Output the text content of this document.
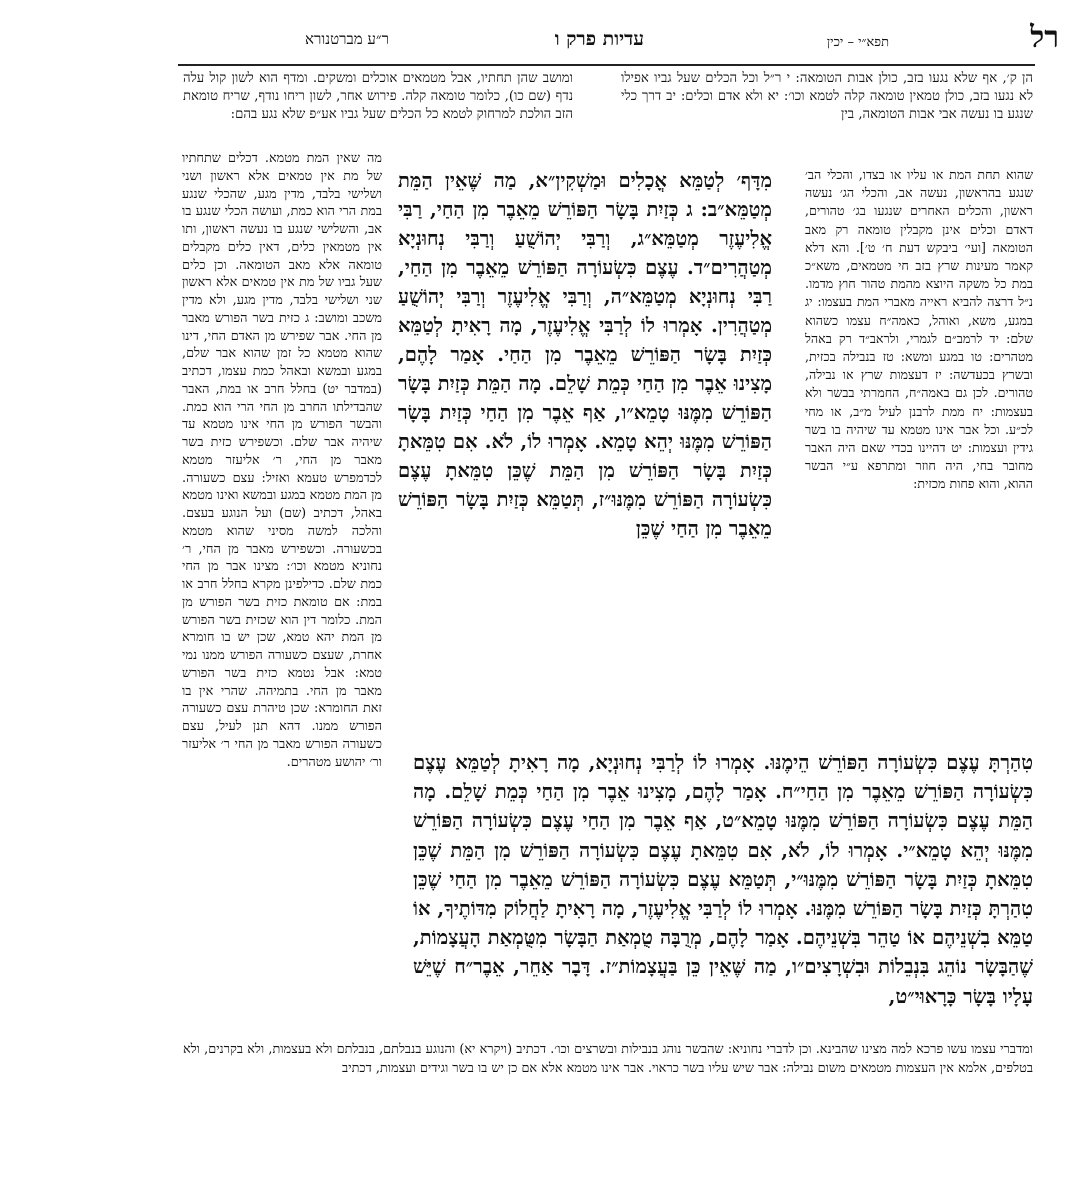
רל
תפא״י – יכין
עדיות פרק ו
ר״ע מברטנורא

הן ק׳, אף שלא נגעו בזב, כולן אבות הטומאה: י ר״ל וכל הכלים שעל גביו אפילו לא נגעו בזב, כולן טמאין טומאה קלה לטמא וכו׳: יא ולא אדם וכלים: יב דרך כלי שנגע בו נעשה אבי אבות הטומאה, בין

ומושב שהן תחתיו, אבל מטמאים אוכלים ומשקים. ומדף הוא לשון קול עלה נדף (שם כו), כלומר טומאה קלה. פירוש אחר, לשון ריחו נודף, שריח טומאת הזב הולכת למרחוק לטמא כל הכלים שעל גביו אע״פ שלא נגע בהם:

שהוא תחת המת או עליו או בצדו, והכלי הב׳ שנגע בהראשון, נעשה אב, והכלי הג׳ נעשה ראשון, והכלים האחרים שנגעו בג׳ טהורים, דאדם וכלים אינן מקבלין טומאה רק מאב הטומאה [ועי׳ ביבקש דעת ח׳ ט׳]. והא דלא קאמר מעינות שרץ בזב חי מטמאים, משא״כ במת כל משקה היוצא מהמת טהור חוץ מדמו. נ״ל דרצה להביא ראייה מאברי המת בעצמו: יג במגע, משא, ואוהל, כאמה״ח עצמו כשהוא שלם: יד לרמב״ם לגמרי, ולראב״ד רק באהל מטהרים: טו במגע ומשא: טז בנבילה בכזית, ובשרץ בכעדשה: יז דעצמות שרץ או נבילה, טהורים. לכן גם באמה״ח, החמרתי בבשר ולא בעצמות: יח ממת לרבנן לעיל מ״ב, או מחי לכ״ע. וכל אבר אינו מטמא עד שיהיה בו בשר גידין ועצמות: יט דהיינו בכדי שאם היה האבר מחובר בחי, היה חוזר ומתרפא ע״י הבשר ההוא, והוא פחות מכזית:

מִדָּף׳ לְטַמֵּא אֳכָלִים וּמַשְׁקִין״א, מַה שֶּׁאֵין הַמֵּת מְטַמֵּא״ב: ג כְּזַיִת בָּשָׂר הַפּוֹרֵשׁ מֵאֵבֶר מִן הַחַי, רַבִּי אֱלִיעֶזֶר מְטַמֵּא״ג, וְרַבִּי יְהוֹשֻׁעַ וְרַבִּי נְחוּנְיָא מְטַהֲרִים״ד. עֶצֶם כִּשְׂעוֹרָה הַפּוֹרֵשׁ מֵאֵבֶר מִן הַחַי, רַבִּי נְחוּנְיָא מְטַמֵּא״ה, וְרַבִּי אֱלִיעֶזֶר וְרַבִּי יְהוֹשֻׁעַ מְטַהֲרִין. אָמְרוּ לוֹ לְרַבִּי אֱלִיעֶזֶר, מָה רָאִיתָ לְטַמֵּא כְּזַיִת בָּשָׂר הַפּוֹרֵשׁ מֵאֵבֶר מִן הַחַי. אָמַר לָהֶם, מָצִינוּ אֵבֶר מִן הַחַי כְּמֵת שָׁלֵם. מָה הַמֵּת כְּזַיִת בָּשָׂר הַפּוֹרֵשׁ מִמֶּנּוּ טָמֵא״ו, אַף אֵבֶר מִן הַחַי כְּזַיִת בָּשָׂר הַפּוֹרֵשׁ מִמֶּנּוּ יְהֵא טָמֵא. אָמְרוּ לוֹ, לֹא. אִם טִמֵּאתָ כְּזַיִת בָּשָׂר הַפּוֹרֵשׁ מִן הַמֵּת שֶׁכֵּן טִמֵּאתָ עֶצֶם כִּשְׂעוֹרָה הַפּוֹרֵשׁ מִמֶּנּוּ״ז, תְּטַמֵּא כְּזַיִת בָּשָׂר הַפּוֹרֵשׁ מֵאֵבֶר מִן הַחַי שֶׁכֵּן

מה שאין המת מטמא. דכלים שתחתיו של מת אין טמאים אלא ראשון ושני ושלישי בלבד, מדין מגע, שהכלי שנגע במת הרי הוא כמת, ועושה הכלי שנגע בו אב, והשלישי שנגע בו נעשה ראשון, ותו אין מטמאין כלים, דאין כלים מקבלים טומאה אלא מאב הטומאה. וכן כלים שעל גביו של מת אין טמאים אלא ראשון שני ושלישי בלבד, מדין מגע, ולא מדין משכב ומושב: ג כזית בשר הפורש מאבר מן החי. אבר שפירש מן האדם החי, דינו שהוא מטמא כל זמן שהוא אבר שלם, במגע ובמשא ובאהל כמת עצמו, דכתיב (במדבר יט) בחלל חרב או במת, האבר שהבדילתו החרב מן החי הרי הוא כמת. והבשר הפורש מן החי אינו מטמא עד שיהיה אבר שלם. וכשפירש כזית בשר מאבר מן החי, ר׳ אליעזר מטמא לכדמפרש טעמא ואזיל: עצם כשעורה. מן המת מטמא במגע ובמשא ואינו מטמא באהל, דכתיב (שם) ועל הנוגע בעצם. והלכה למשה מסיני שהוא מטמא בכשעורה. וכשפירש מאבר מן החי, ר׳ נחוניא מטמא וכו׳: מצינו אבר מן החי כמת שלם. כדילפינן מקרא בחלל חרב או במת: אם טומאת כזית בשר הפורש מן המת. כלומר דין הוא שכזית בשר הפורש מן המת יהא טמא, שכן יש בו חומרא אחרת, שעצם כשעורה הפורש ממנו נמי טמא: אבל נטמא כזית בשר הפורש מאבר מן החי. בתמיהה. שהרי אין בו זאת החומרא: שכן טיהרת עצם כשעורה הפורש ממנו. דהא תנן לעיל, עצם כשעורה הפורש מאבר מן החי ר׳ אליעזר ור׳ יהושע מטהרים. טִהַרְתָּ עֶצֶם כִּשְׂעוֹרָה הַפּוֹרֵשׁ הֵימֶנּוּ. אָמְרוּ לוֹ לְרַבִּי נְחוּנְיָא, מָה רָאִיתָ לְטַמֵּא עֶצֶם כִּשְׂעוֹרָה הַפּוֹרֵשׁ מֵאֵבֶר מִן הַחַי״ח. אָמַר לָהֶם, מָצִינוּ אֵבֶר מִן הַחַי כְּמֵת שָׁלֵם. מָה הַמֵּת עֶצֶם כִּשְׂעוֹרָה הַפּוֹרֵשׁ מִמֶּנּוּ טָמֵא״ט, אַף אֵבֶר מִן הַחַי עֶצֶם כִּשְׂעוֹרָה הַפּוֹרֵשׁ מִמֶּנּוּ יְהֵא טָמֵא״י. אָמְרוּ לוֹ, לֹא, אִם טִמֵּאתָ עֶצֶם כִּשְׂעוֹרָה הַפּוֹרֵשׁ מִן הַמֵּת שֶׁכֵּן טִמֵּאתָ כְּזַיִת בָּשָׂר הַפּוֹרֵשׁ מִמֶּנּוּ״י, תְּטַמֵּא עֶצֶם כִּשְׂעוֹרָה הַפּוֹרֵשׁ מֵאֵבֶר מִן הַחַי שֶׁכֵּן טִהַרְתָּ כְּזַיִת בָּשָׂר הַפּוֹרֵשׁ מִמֶּנּוּ. אָמְרוּ לוֹ לְרַבִּי אֱלִיעֶזֶר, מָה רָאִיתָ לַחֲלוֹק מִדּוֹתֶיךָ, אוֹ טַמֵּא בִשְׁנֵיהֶם אוֹ טַהֵר בִּשְׁנֵיהֶם. אָמַר לָהֶם, מְרֻבָּה טֻמְאַת הַבָּשָׂר מִטֻּמְאַת הָעֲצָמוֹת, שֶׁהַבָּשָׂר נוֹהֵג בִּנְבֵלוֹת וּבִשְׁרָצִים״ו, מַה שֶּׁאֵין כֵּן בַּעֲצָמוֹת״ז. דָּבָר אַחֵר, אֵבֶר״ח שֶׁיֵּשׁ עָלָיו בָּשָׂר כָּרָאוּי״ט,

ומדברי עצמו עשו פרכא למה מצינו שהבינא. וכן לדברי נחוניא: שהבשר נוהג בנבילות ובשרצים וכו׳. דכתיב (ויקרא יא) והנוגע בנבלתם, בנבלתם ולא בעצמות, ולא בקרנים, ולא בטלפים, אלמא אין העצמות מטמאים משום נבילה: אבר שיש עליו בשר כראוי. אבר אינו מטמא אלא אם כן יש בו בשר וגידים ועצמות, דכתיב
